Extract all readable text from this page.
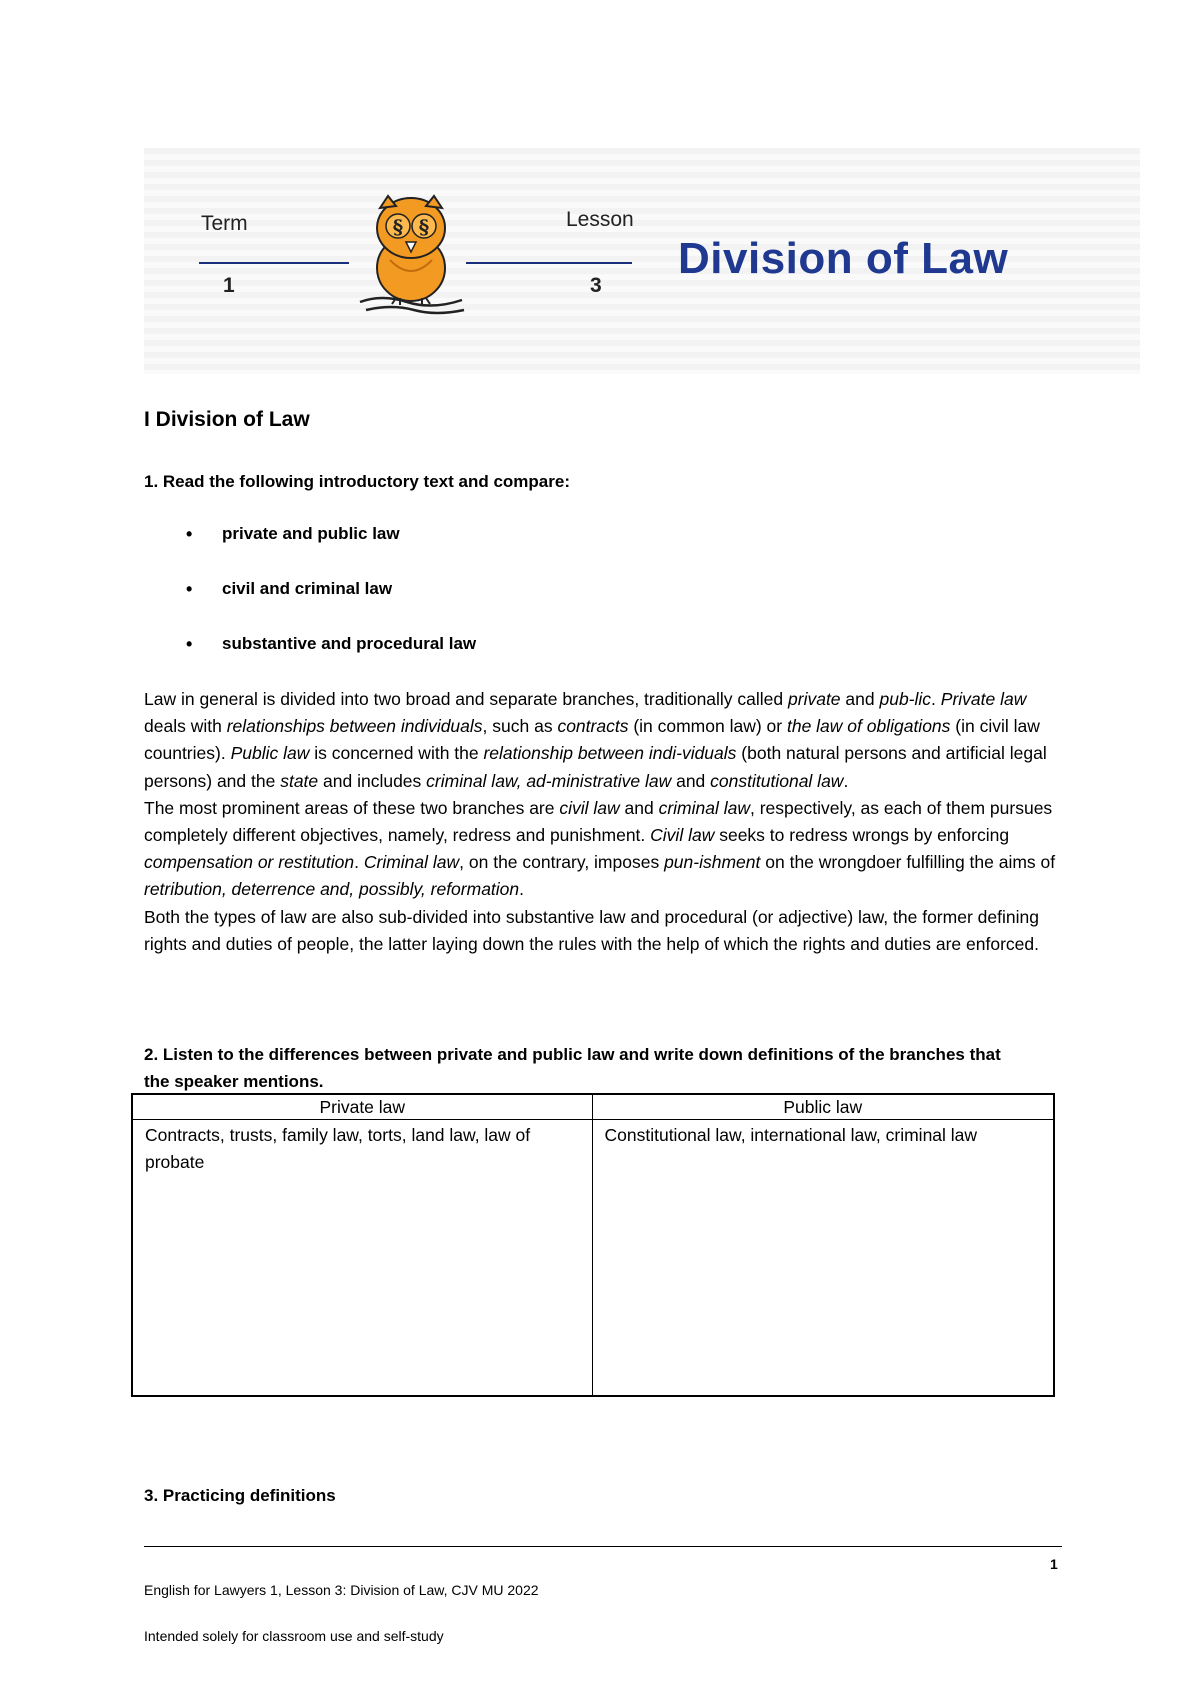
Term
1
§ §	Lesson
3
Division of Law
I Division of Law
1. Read the following introductory text and compare:
• private and public law
• civil and criminal law
• substantive and procedural law

Law in general is divided into two broad and separate branches, traditionally called private and pub-lic. Private law deals with relationships between individuals, such as contracts (in common law) or the law of obligations (in civil law countries). Public law is concerned with the relationship between indi-viduals (both natural persons and artificial legal persons) and the state and includes criminal law, ad-ministrative law and constitutional law.

The most prominent areas of these two branches are civil law and criminal law, respectively, as each of them pursues completely different objectives, namely, redress and punishment. Civil law seeks to redress wrongs by enforcing compensation or restitution. Criminal law, on the contrary, imposes pun-ishment on the wrongdoer fulfilling the aims of retribution, deterrence and, possibly, reformation.

Both the types of law are also sub-divided into substantive law and procedural (or adjective) law, the former defining rights and duties of people, the latter laying down the rules with the help of which the rights and duties are enforced.

2. Listen to the differences between private and public law and write down definitions of the branches that the speaker mentions.
Private law	Public law
Contracts, trusts, family law, torts, land law, law of probate	Constitutional law, international law, criminal law
3. Practicing definitions
1
English for Lawyers 1, Lesson 3: Division of Law, CJV MU 2022
Intended solely for classroom use and self-study
